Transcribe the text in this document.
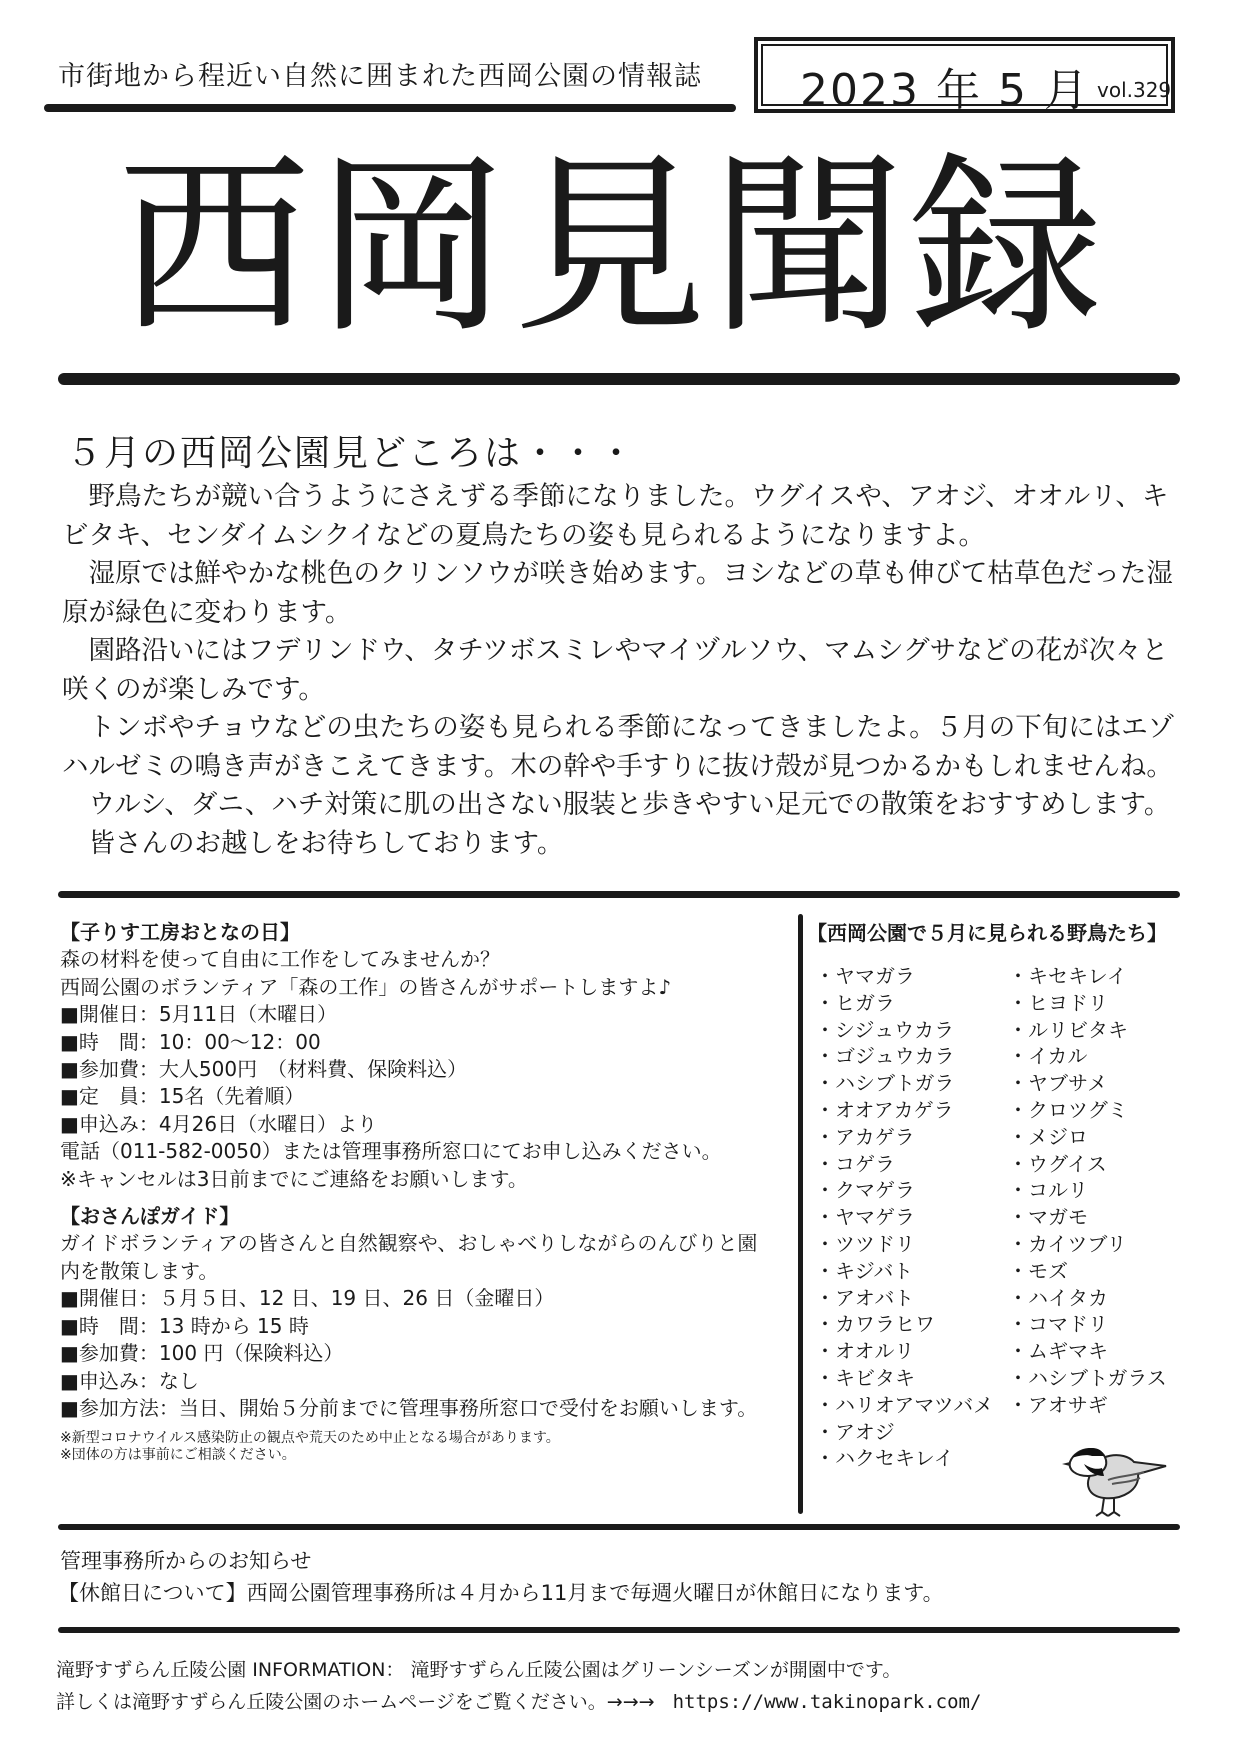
市街地から程近い自然に囲まれた西岡公園の情報誌 2023 年 5 月 vol.329
西岡見聞録
５月の西岡公園見どころは・・・

野鳥たちが競い合うようにさえずる季節になりました。ウグイスや、アオジ、オオルリ、キビタキ、センダイムシクイなどの夏鳥たちの姿も見られるようになりますよ。

湿原では鮮やかな桃色のクリンソウが咲き始めます。ヨシなどの草も伸びて枯草色だった湿原が緑色に変わります。

園路沿いにはフデリンドウ、タチツボスミレやマイヅルソウ、マムシグサなどの花が次々と咲くのが楽しみです。

トンボやチョウなどの虫たちの姿も見られる季節になってきましたよ。５月の下旬にはエゾハルゼミの鳴き声がきこえてきます。木の幹や手すりに抜け殻が見つかるかもしれませんね。

ウルシ、ダニ、ハチ対策に肌の出さない服装と歩きやすい足元での散策をおすすめします。

皆さんのお越しをお待ちしております。

【子りす工房おとなの日】
森の材料を使って自由に工作をしてみませんか？
西岡公園のボランティア「森の工作」の皆さんがサポートしますよ♪
■開催日：5月11日（木曜日）
■時　間：10：00～12：00
■参加費：大人500円　（材料費、保険料込）
■定　員：15名（先着順）
■申込み：4月26日（水曜日）より
電話（011-582-0050）または管理事務所窓口にてお申し込みください。
※キャンセルは3日前までにご連絡をお願いします。
【おさんぽガイド】
ガイドボランティアの皆さんと自然観察や、おしゃべりしながらのんびりと園
内を散策します。
■開催日：５月５日、12 日、19 日、26 日（金曜日）
■時　間：13 時から 15 時
■参加費：100 円（保険料込）
■申込み：なし
■参加方法：当日、開始５分前までに管理事務所窓口で受付をお願いします。
※新型コロナウイルス感染防止の観点や荒天のため中止となる場合があります。
※団体の方は事前にご相談ください。
【西岡公園で５月に見られる野鳥たち】
・ ヤマガラ
・ ヒガラ
・ シジュウカラ
・ ゴジュウカラ
・ ハシブトガラ
・ オオアカゲラ
・ アカゲラ
・ コゲラ
・ クマゲラ
・ ヤマゲラ
・ ツツドリ
・ キジバト
・ アオバト
・ カワラヒワ
・ オオルリ
・ キビタキ
・ ハリオアマツバメ
・ アオジ
・ ハクセキレイ
・ キセキレイ
・ ヒヨドリ
・ ルリビタキ
・ イカル
・ ヤブサメ
・ クロツグミ
・ メジロ
・ ウグイス
・ コルリ
・ マガモ
・ カイツブリ
・ モズ
・ ハイタカ
・ コマドリ
・ ムギマキ
・ ハシブトガラス
・ アオサギ
管理事務所からのお知らせ
【休館日について】西岡公園管理事務所は４月から11月まで毎週火曜日が休館日になります。
滝野すずらん丘陵公園 INFORMATION： 滝野すずらん丘陵公園はグリーンシーズンが開園中です。
詳しくは滝野すずらん丘陵公園のホームページをご覧ください。→→→ https://www.takinopark.com/
